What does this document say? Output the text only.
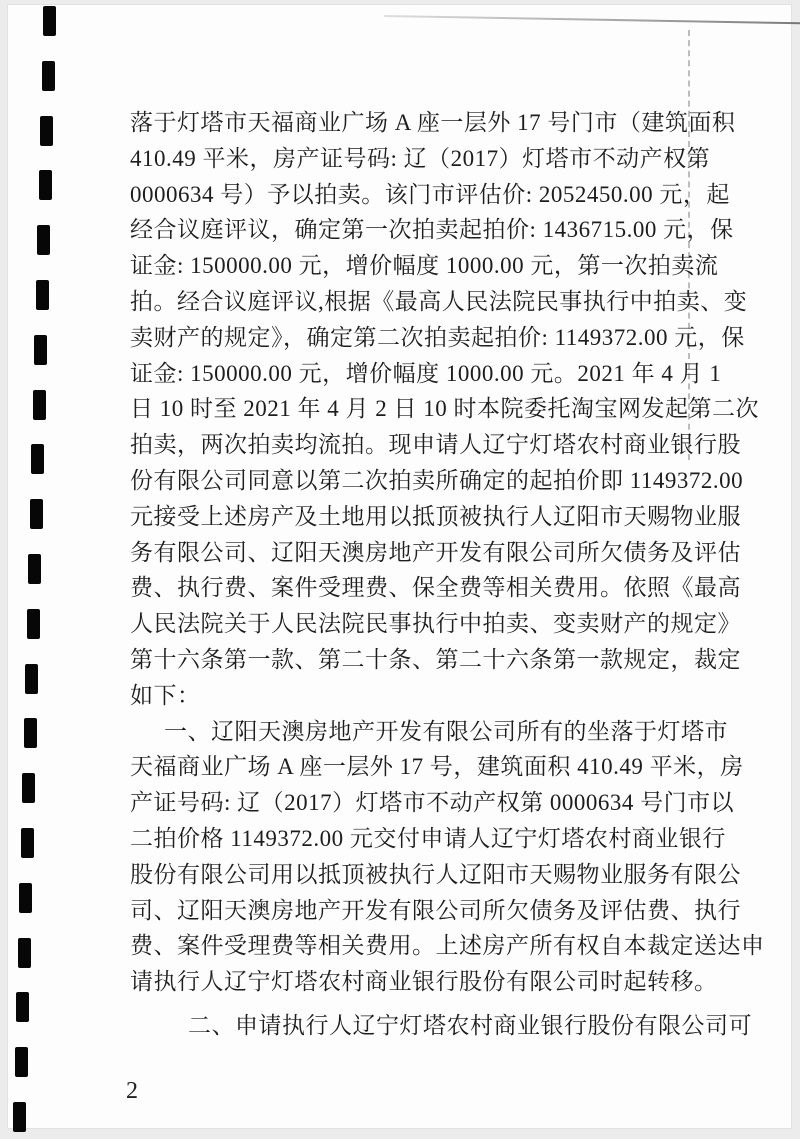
落于灯塔市天福商业广场 A 座一层外 17 号门市（建筑面积
410.49 平米，房产证号码: 辽（2017）灯塔市不动产权第
0000634 号）予以拍卖。该门市评估价: 2052450.00 元，起
经合议庭评议，确定第一次拍卖起拍价: 1436715.00 元，保
证金: 150000.00 元，增价幅度 1000.00 元，第一次拍卖流
拍。经合议庭评议,根据《最高人民法院民事执行中拍卖、变
卖财产的规定》，确定第二次拍卖起拍价: 1149372.00 元，保
证金: 150000.00 元，增价幅度 1000.00 元。2021 年 4 月 1
日 10 时至 2021 年 4 月 2 日 10 时本院委托淘宝网发起第二次
拍卖，两次拍卖均流拍。现申请人辽宁灯塔农村商业银行股
份有限公司同意以第二次拍卖所确定的起拍价即 1149372.00
元接受上述房产及土地用以抵顶被执行人辽阳市天赐物业服
务有限公司、辽阳天澳房地产开发有限公司所欠债务及评估
费、执行费、案件受理费、保全费等相关费用。依照《最高
人民法院关于人民法院民事执行中拍卖、变卖财产的规定》
第十六条第一款、第二十条、第二十六条第一款规定，裁定
如下：
一、辽阳天澳房地产开发有限公司所有的坐落于灯塔市
天福商业广场 A 座一层外 17 号，建筑面积 410.49 平米，房
产证号码: 辽（2017）灯塔市不动产权第 0000634 号门市以
二拍价格 1149372.00 元交付申请人辽宁灯塔农村商业银行
股份有限公司用以抵顶被执行人辽阳市天赐物业服务有限公
司、辽阳天澳房地产开发有限公司所欠债务及评估费、执行
费、案件受理费等相关费用。上述房产所有权自本裁定送达申
请执行人辽宁灯塔农村商业银行股份有限公司时起转移。
二、申请执行人辽宁灯塔农村商业银行股份有限公司可
2
